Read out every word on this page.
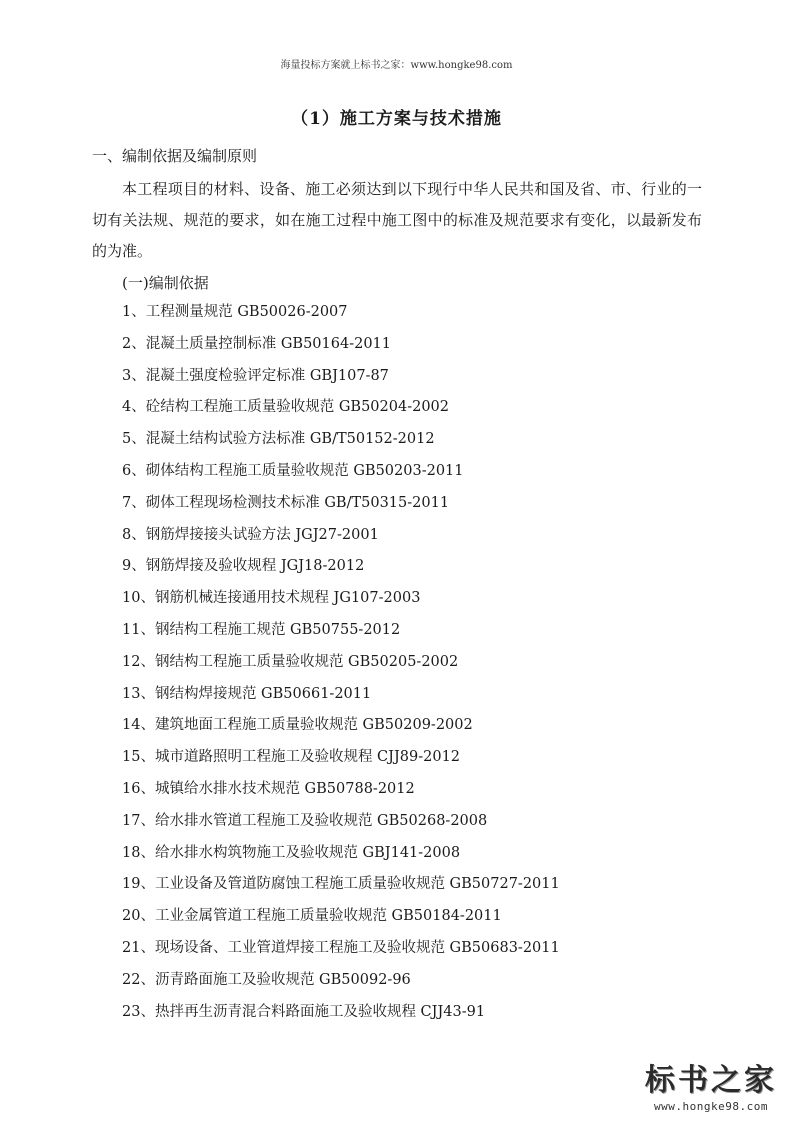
海量投标方案就上标书之家：www.hongke98.com
（1）施工方案与技术措施
一、编制依据及编制原则
本工程项目的材料、设备、施工必须达到以下现行中华人民共和国及省、市、行业的一切有关法规、规范的要求，如在施工过程中施工图中的标准及规范要求有变化，以最新发布的为准。
(一)编制依据
1、工程测量规范 GB50026-2007
2、混凝土质量控制标准 GB50164-2011
3、混凝土强度检验评定标准 GBJ107-87
4、砼结构工程施工质量验收规范 GB50204-2002
5、混凝土结构试验方法标准 GB/T50152-2012
6、砌体结构工程施工质量验收规范 GB50203-2011
7、砌体工程现场检测技术标准 GB/T50315-2011
8、钢筋焊接接头试验方法 JGJ27-2001
9、钢筋焊接及验收规程 JGJ18-2012
10、钢筋机械连接通用技术规程 JG107-2003
11、钢结构工程施工规范 GB50755-2012
12、钢结构工程施工质量验收规范 GB50205-2002
13、钢结构焊接规范 GB50661-2011
14、建筑地面工程施工质量验收规范 GB50209-2002
15、城市道路照明工程施工及验收规程 CJJ89-2012
16、城镇给水排水技术规范 GB50788-2012
17、给水排水管道工程施工及验收规范 GB50268-2008
18、给水排水构筑物施工及验收规范 GBJ141-2008
19、工业设备及管道防腐蚀工程施工质量验收规范 GB50727-2011
20、工业金属管道工程施工质量验收规范 GB50184-2011
21、现场设备、工业管道焊接工程施工及验收规范 GB50683-2011
22、沥青路面施工及验收规范 GB50092-96
23、热拌再生沥青混合料路面施工及验收规程 CJJ43-91
标书之家
www.hongke98.com
